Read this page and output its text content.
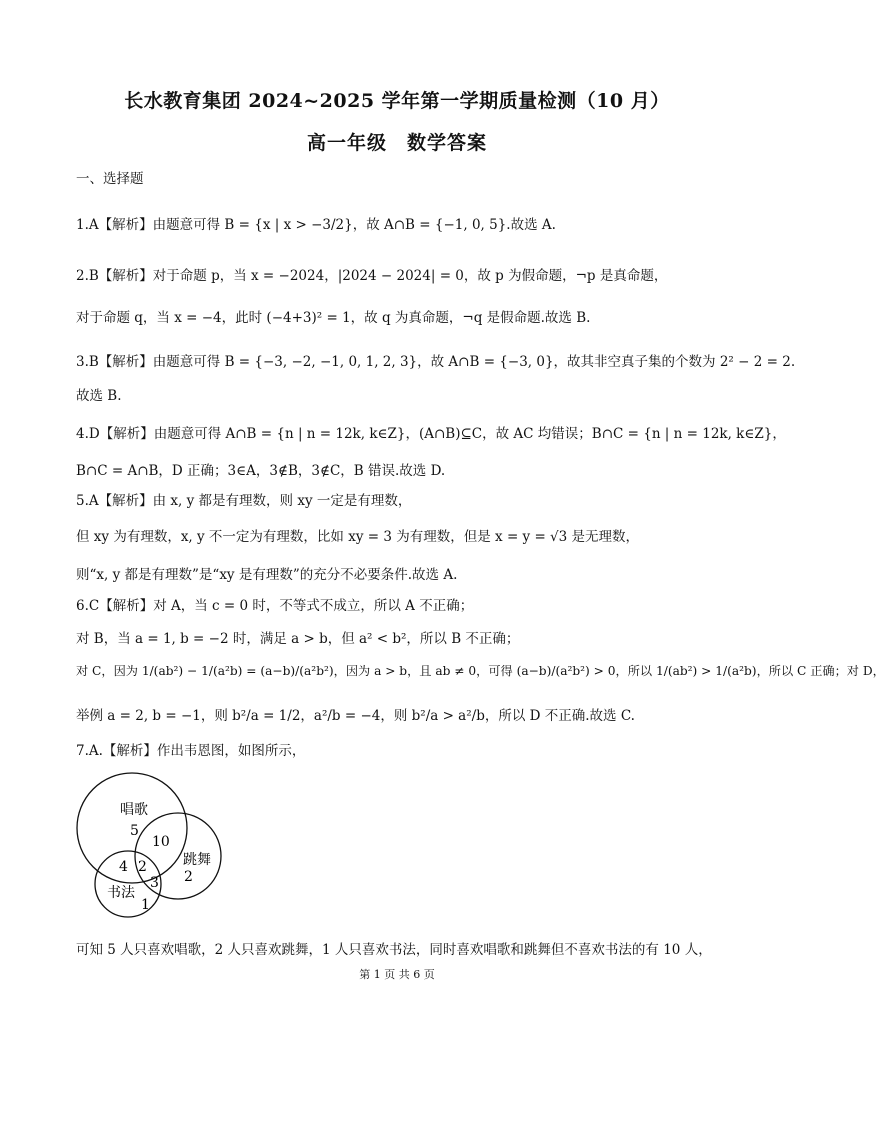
长水教育集团 2024~2025 学年第一学期质量检测（10 月）
高一年级　数学答案
一、选择题
1.A【解析】由题意可得 B = {x | x > −3/2}，故 A∩B = {−1, 0, 5}.故选 A.
2.B【解析】对于命题 p，当 x = −2024，|2024 − 2024| = 0，故 p 为假命题，¬p 是真命题，
对于命题 q，当 x = −4，此时 (−4+3)² = 1，故 q 为真命题，¬q 是假命题.故选 B.
3.B【解析】由题意可得 B = {−3, −2, −1, 0, 1, 2, 3}，故 A∩B = {−3, 0}，故其非空真子集的个数为 2² − 2 = 2.
故选 B.
4.D【解析】由题意可得 A∩B = {n | n = 12k, k∈Z}，(A∩B)⊆C，故 AC 均错误；B∩C = {n | n = 12k, k∈Z}，
B∩C = A∩B，D 正确；3∈A，3∉B，3∉C，B 错误.故选 D.
5.A【解析】由 x, y 都是有理数，则 xy 一定是有理数，
但 xy 为有理数，x, y 不一定为有理数，比如 xy = 3 为有理数，但是 x = y = √3 是无理数，
则“x, y 都是有理数”是“xy 是有理数”的充分不必要条件.故选 A.
6.C【解析】对 A，当 c = 0 时，不等式不成立，所以 A 不正确；
对 B，当 a = 1, b = −2 时，满足 a > b，但 a² < b²，所以 B 不正确；
对 C，因为 1/(ab²) − 1/(a²b) = (a−b)/(a²b²)，因为 a > b，且 ab ≠ 0，可得 (a−b)/(a²b²) > 0，所以 1/(ab²) > 1/(a²b)，所以 C 正确；对 D，
举例 a = 2, b = −1，则 b²/a = 1/2，a²/b = −4，则 b²/a > a²/b，所以 D 不正确.故选 C.
7.A.【解析】作出韦恩图，如图所示，
唱歌
5
10
跳舞
2
4 2
3
书法
1
可知 5 人只喜欢唱歌，2 人只喜欢跳舞，1 人只喜欢书法，同时喜欢唱歌和跳舞但不喜欢书法的有 10 人，
第 1 页 共 6 页
